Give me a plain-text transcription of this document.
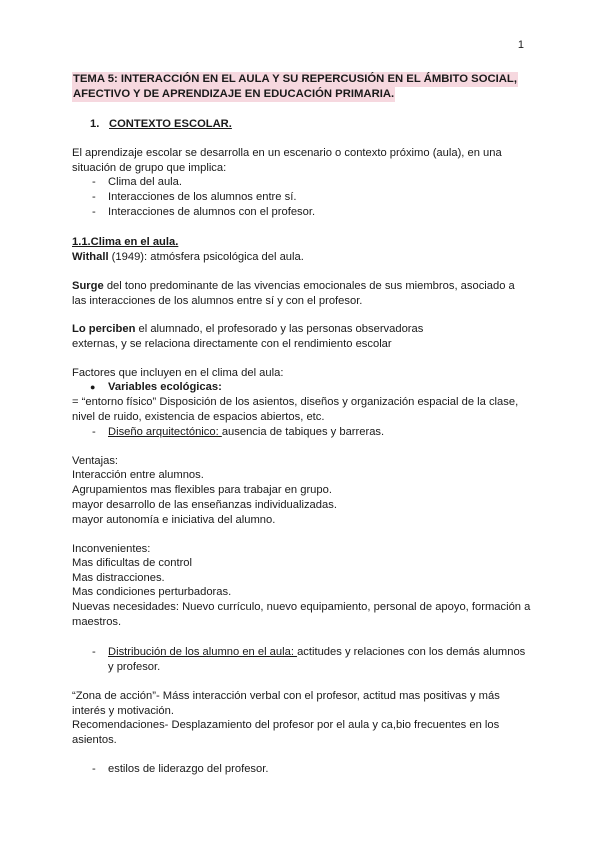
1
TEMA 5: INTERACCIÓN EN EL AULA Y SU REPERCUSIÓN EN EL ÁMBITO SOCIAL,
AFECTIVO Y DE APRENDIZAJE EN EDUCACIÓN PRIMARIA.
1. CONTEXTO ESCOLAR.
El aprendizaje escolar se desarrolla en un escenario o contexto próximo (aula), en una
situación de grupo que implica:
- Clima del aula.
- Interacciones de los alumnos entre sí.
- Interacciones de alumnos con el profesor.
1.1.Clima en el aula.
Withall (1949): atmósfera psicológica del aula.
Surge del tono predominante de las vivencias emocionales de sus miembros, asociado a
las interacciones de los alumnos entre sí y con el profesor.
Lo perciben el alumnado, el profesorado y las personas observadoras
externas, y se relaciona directamente con el rendimiento escolar
Factores que incluyen en el clima del aula:
● Variables ecológicas:
= “entorno físico” Disposición de los asientos, diseños y organización espacial de la clase,
nivel de ruido, existencia de espacios abiertos, etc.
- Diseño arquitectónico: ausencia de tabiques y barreras.
Ventajas:
Interacción entre alumnos.
Agrupamientos mas flexibles para trabajar en grupo.
mayor desarrollo de las enseñanzas individualizadas.
mayor autonomía e iniciativa del alumno.
Inconvenientes:
Mas dificultas de control
Mas distracciones.
Mas condiciones perturbadoras.
Nuevas necesidades: Nuevo currículo, nuevo equipamiento, personal de apoyo, formación a
maestros.
- Distribución de los alumno en el aula: actitudes y relaciones con los demás alumnos
y profesor.
“Zona de acción”- Máss interacción verbal con el profesor, actitud mas positivas y más
interés y motivación.
Recomendaciones- Desplazamiento del profesor por el aula y ca,bio frecuentes en los
asientos.
- estilos de liderazgo del profesor.
